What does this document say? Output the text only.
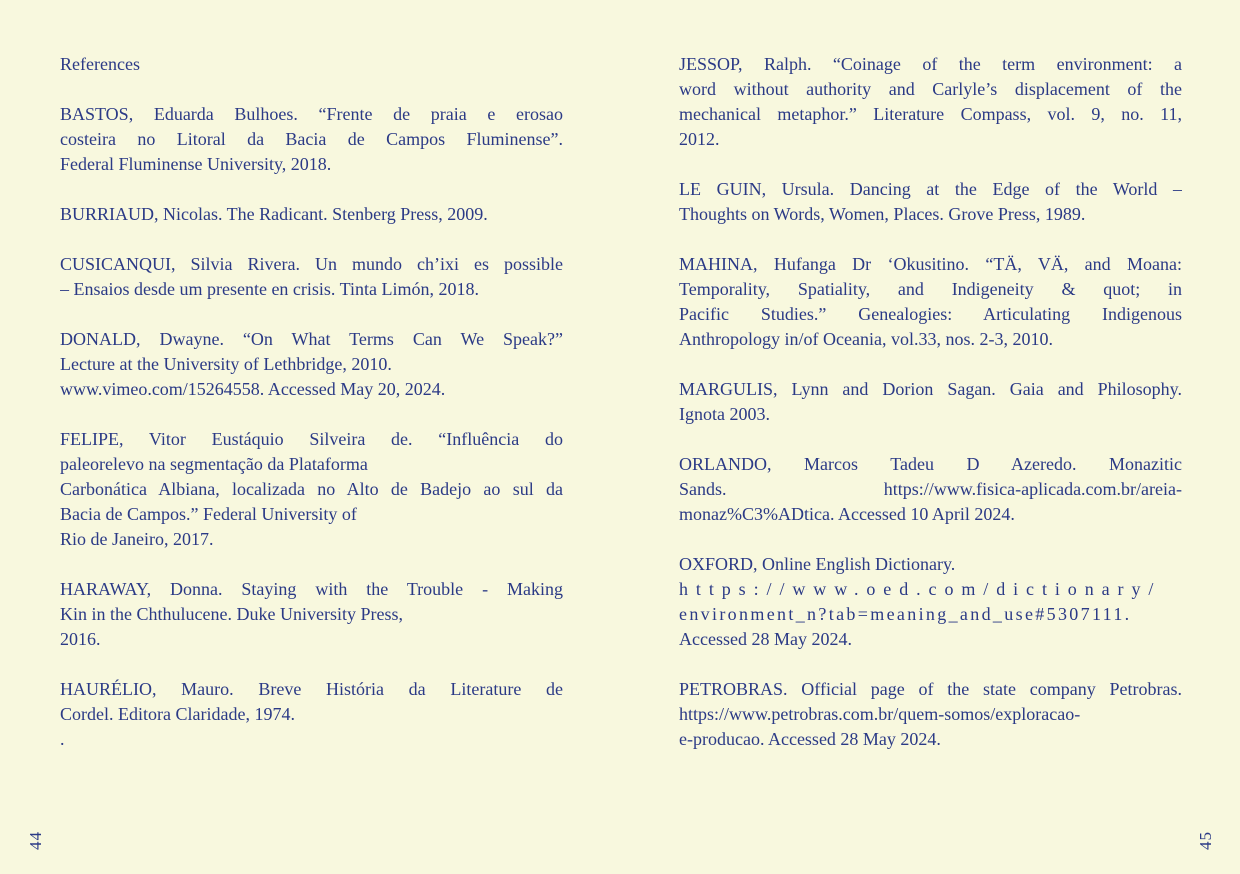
References
BASTOS, Eduarda Bulhoes. “Frente de praia e erosao
costeira no Litoral da Bacia de Campos Fluminense”.
Federal Fluminense University, 2018.
BURRIAUD, Nicolas. The Radicant. Stenberg Press, 2009.
CUSICANQUI, Silvia Rivera. Un mundo ch’ixi es possible
– Ensaios desde um presente en crisis. Tinta Limón, 2018.
DONALD, Dwayne. “On What Terms Can We Speak?”
Lecture at the University of Lethbridge, 2010.
www.vimeo.com/15264558. Accessed May 20, 2024.
FELIPE, Vitor Eustáquio Silveira de. “Influência do
paleorelevo na segmentação da Plataforma
Carbonática Albiana, localizada no Alto de Badejo ao sul da
Bacia de Campos.” Federal University of
Rio de Janeiro, 2017.
HARAWAY, Donna. Staying with the Trouble - Making
Kin in the Chthulucene. Duke University Press,
2016.
HAURÉLIO, Mauro. Breve História da Literature de
Cordel. Editora Claridade, 1974.
.
JESSOP, Ralph. “Coinage of the term environment: a
word without authority and Carlyle’s displacement of the
mechanical metaphor.” Literature Compass, vol. 9, no. 11,
2012.
LE GUIN, Ursula. Dancing at the Edge of the World –
Thoughts on Words, Women, Places. Grove Press, 1989.
MAHINA, Hufanga Dr ‘Okusitino. “TÄ, VÄ, and Moana:
Temporality, Spatiality, and Indigeneity & quot; in
Pacific Studies.” Genealogies: Articulating Indigenous
Anthropology in/of Oceania, vol.33, nos. 2-3, 2010.
MARGULIS, Lynn and Dorion Sagan. Gaia and Philosophy.
Ignota 2003.
ORLANDO, Marcos Tadeu D Azeredo. Monazitic
Sands. https://www.fisica-aplicada.com.br/areia-
monaz%C3%ADtica. Accessed 10 April 2024.
OXFORD, Online English Dictionary.
https://www.oed.com/dictionary/
environment_n?tab=meaning_and_use#5307111.
Accessed 28 May 2024.
PETROBRAS. Official page of the state company Petrobras.
https://www.petrobras.com.br/quem-somos/exploracao-
e-producao. Accessed 28 May 2024.
44	45
